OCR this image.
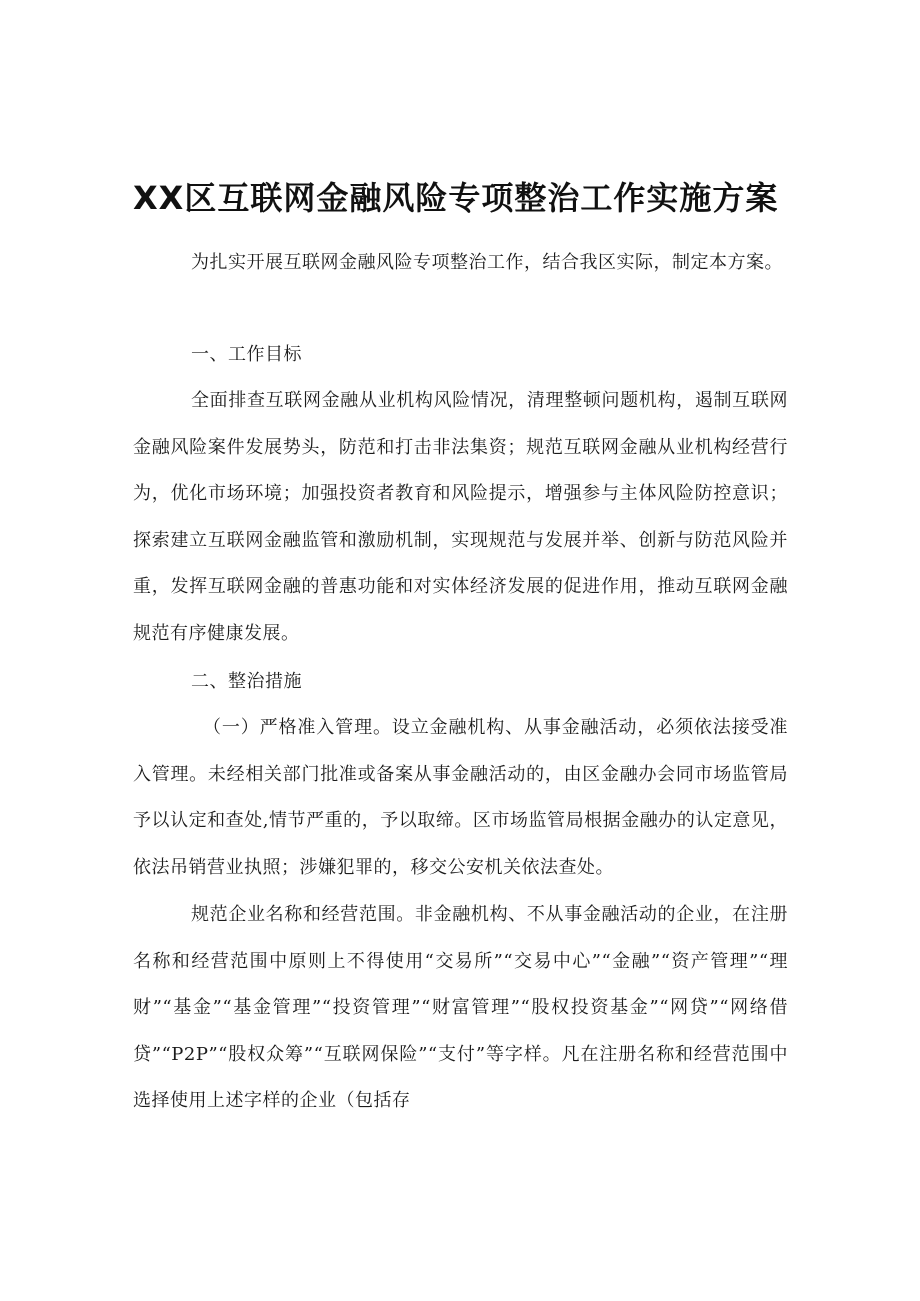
XX区互联网金融风险专项整治工作实施方案
为扎实开展互联网金融风险专项整治工作，结合我区实际，制定本方案。
一、工作目标
全面排查互联网金融从业机构风险情况，清理整顿问题机构，遏制互联网金融风险案件发展势头，防范和打击非法集资；规范互联网金融从业机构经营行为，优化市场环境；加强投资者教育和风险提示，增强参与主体风险防控意识；探索建立互联网金融监管和激励机制，实现规范与发展并举、创新与防范风险并重，发挥互联网金融的普惠功能和对实体经济发展的促进作用，推动互联网金融规范有序健康发展。
二、整治措施
（一）严格准入管理。设立金融机构、从事金融活动，必须依法接受准入管理。未经相关部门批准或备案从事金融活动的，由区金融办会同市场监管局予以认定和查处,情节严重的，予以取缔。区市场监管局根据金融办的认定意见，依法吊销营业执照；涉嫌犯罪的，移交公安机关依法查处。
规范企业名称和经营范围。非金融机构、不从事金融活动的企业，在注册名称和经营范围中原则上不得使用“交易所”“交易中心”“金融”“资产管理”“理财”“基金”“基金管理”“投资管理”“财富管理”“股权投资基金”“网贷”“网络借贷”“P2P”“股权众筹”“互联网保险”“支付”等字样。凡在注册名称和经营范围中选择使用上述字样的企业（包括存
